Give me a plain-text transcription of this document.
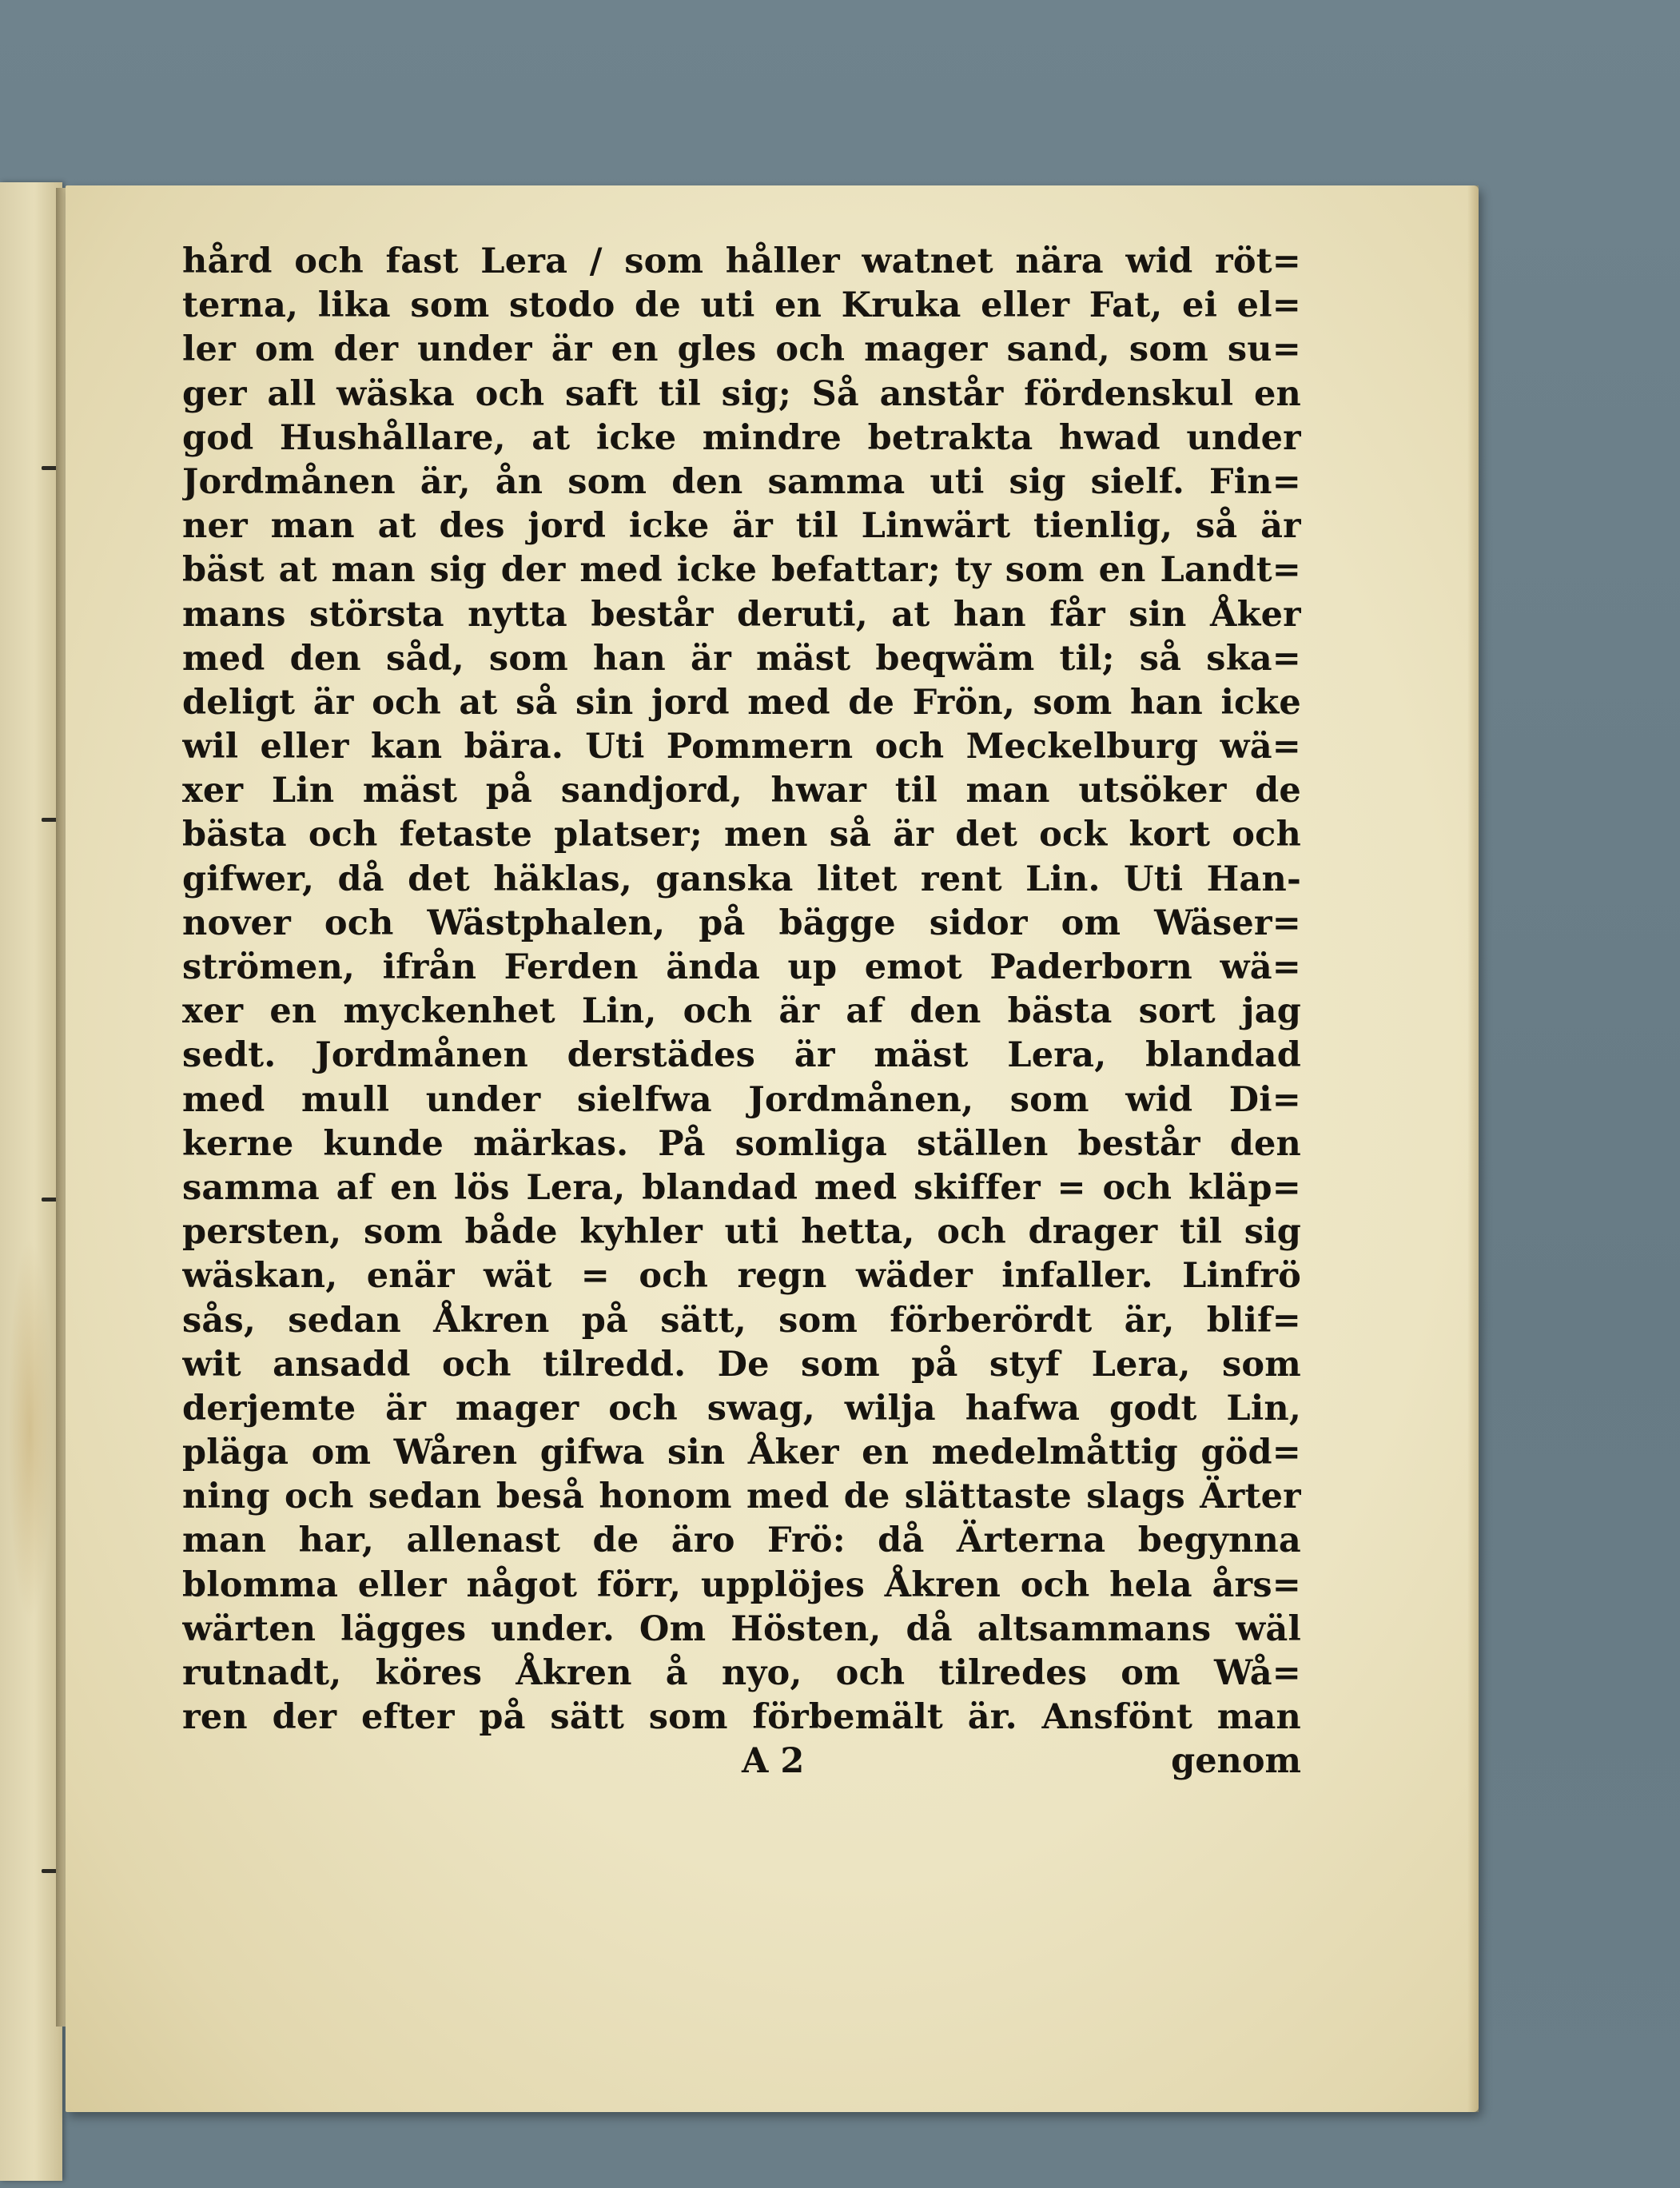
hård och fast Lera / som håller watnet nära wid röt=
terna, lika som stodo de uti en Kruka eller Fat, ei el=
ler om der under är en gles och mager sand, som su=
ger all wäska och saft til sig; Så anstår fördenskul en
god Hushållare, at icke mindre betrakta hwad under
Jordmånen är, ån som den samma uti sig sielf. Fin=
ner man at des jord icke är til Linwärt tienlig, så är
bäst at man sig der med icke befattar; ty som en Landt=
mans största nytta består deruti, at han får sin Åker
med den såd, som han är mäst beqwäm til; så ska=
deligt är och at så sin jord med de Frön, som han icke
wil eller kan bära. Uti Pommern och Meckelburg wä=
xer Lin mäst på sandjord, hwar til man utsöker de
bästa och fetaste platser; men så är det ock kort och
gifwer, då det häklas, ganska litet rent Lin. Uti Han-
nover och Wästphalen, på bägge sidor om Wäser=
strömen, ifrån Ferden ända up emot Paderborn wä=
xer en myckenhet Lin, och är af den bästa sort jag
sedt. Jordmånen derstädes är mäst Lera, blandad
med mull under sielfwa Jordmånen, som wid Di=
kerne kunde märkas. På somliga ställen består den
samma af en lös Lera, blandad med skiffer = och kläp=
persten, som både kyhler uti hetta, och drager til sig
wäskan, enär wät = och regn wäder infaller. Linfrö
sås, sedan Åkren på sätt, som förberördt är, blif=
wit ansadd och tilredd. De som på styf Lera, som
derjemte är mager och swag, wilja hafwa godt Lin,
pläga om Wåren gifwa sin Åker en medelmåttig göd=
ning och sedan beså honom med de slättaste slags Ärter
man har, allenast de äro Frö: då Ärterna begynna
blomma eller något förr, upplöjes Åkren och hela års=
wärten lägges under. Om Hösten, då altsammans wäl
rutnadt, köres Åkren å nyo, och tilredes om Wå=
ren der efter på sätt som förbemält är. Ansfönt man
A 2	genom
